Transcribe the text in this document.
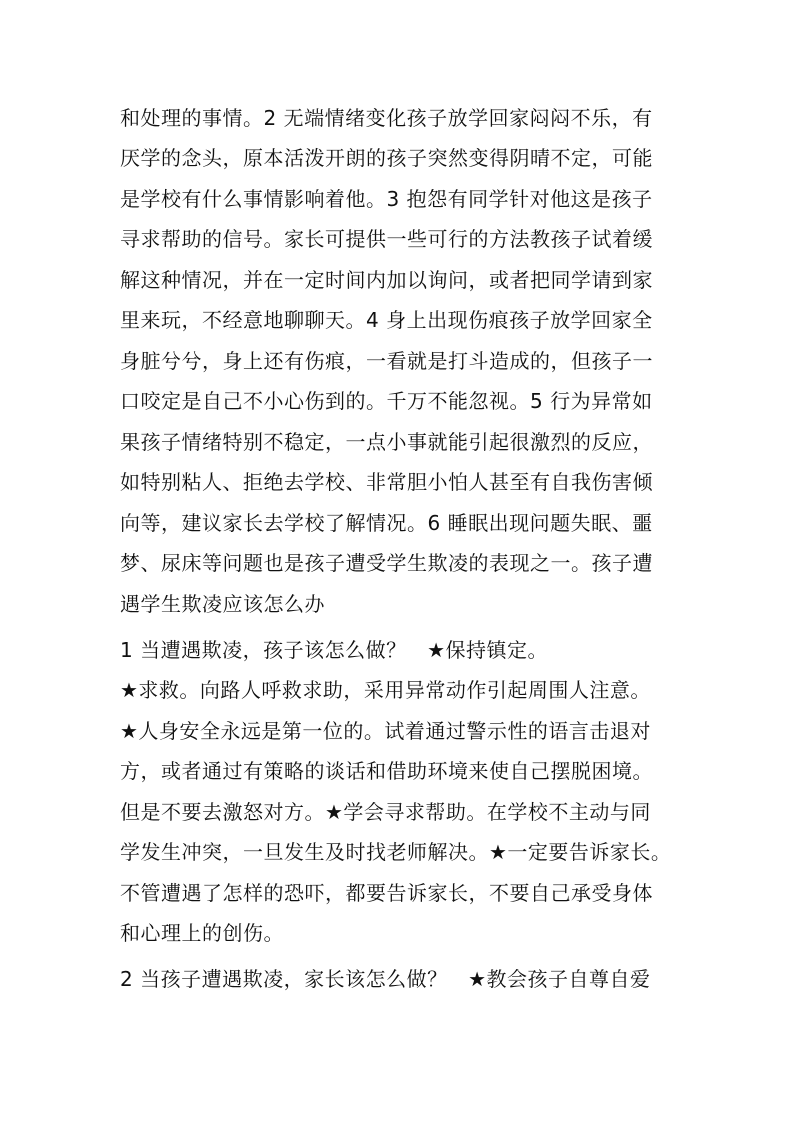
和处理的事情。2 无端情绪变化孩子放学回家闷闷不乐，有
厌学的念头，原本活泼开朗的孩子突然变得阴晴不定，可能
是学校有什么事情影响着他。3 抱怨有同学针对他这是孩子
寻求帮助的信号。家长可提供一些可行的方法教孩子试着缓
解这种情况，并在一定时间内加以询问，或者把同学请到家
里来玩，不经意地聊聊天。4 身上出现伤痕孩子放学回家全
身脏兮兮，身上还有伤痕，一看就是打斗造成的，但孩子一
口咬定是自己不小心伤到的。千万不能忽视。5 行为异常如
果孩子情绪特别不稳定，一点小事就能引起很激烈的反应，
如特别粘人、拒绝去学校、非常胆小怕人甚至有自我伤害倾
向等，建议家长去学校了解情况。6 睡眠出现问题失眠、噩
梦、尿床等问题也是孩子遭受学生欺凌的表现之一。孩子遭
遇学生欺凌应该怎么办
1 当遭遇欺凌，孩子该怎么做？　★保持镇定。
★求救。向路人呼救求助，采用异常动作引起周围人注意。
★人身安全永远是第一位的。试着通过警示性的语言击退对
方，或者通过有策略的谈话和借助环境来使自己摆脱困境。
但是不要去激怒对方。★学会寻求帮助。在学校不主动与同
学发生冲突，一旦发生及时找老师解决。★一定要告诉家长。
不管遭遇了怎样的恐吓，都要告诉家长，不要自己承受身体
和心理上的创伤。
2 当孩子遭遇欺凌，家长该怎么做？　★教会孩子自尊自爱
